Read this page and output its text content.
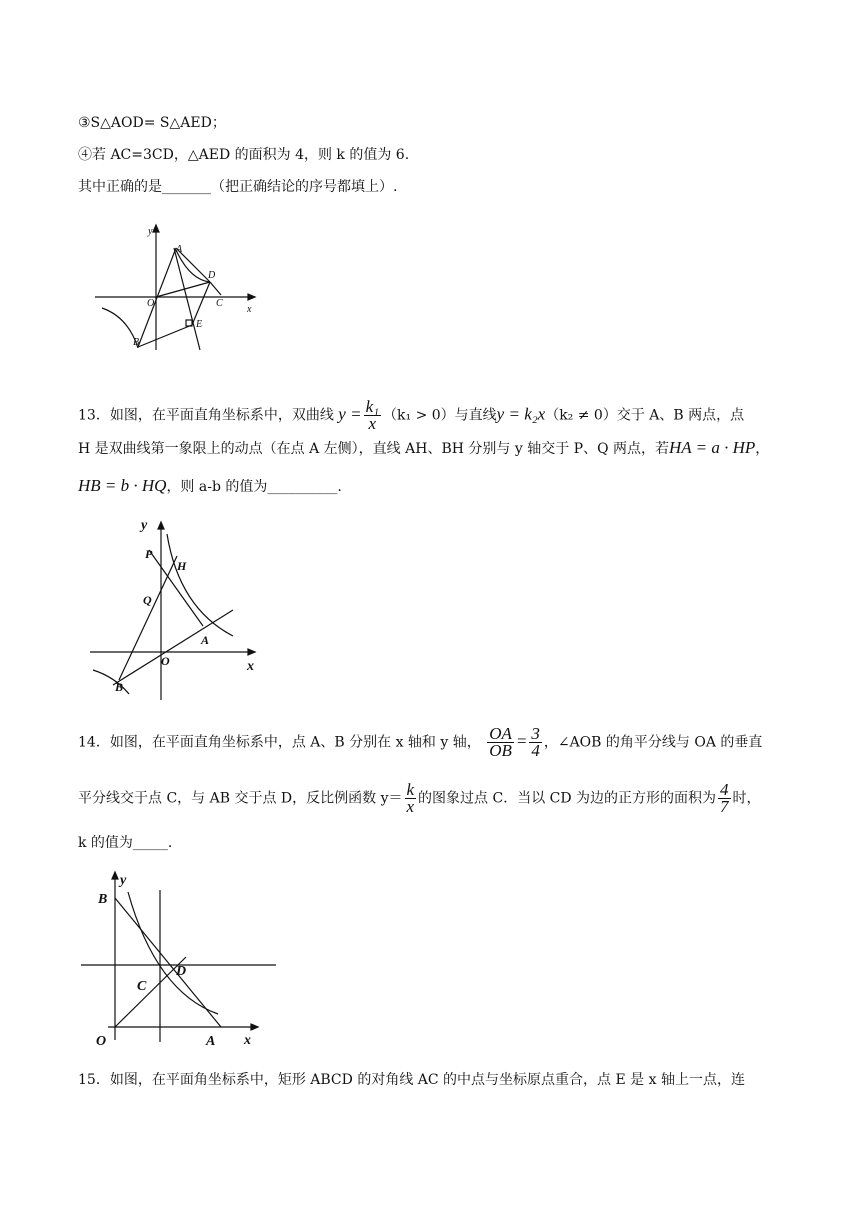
③S△AOD= S△AED；
④若 AC=3CD，△AED 的面积为 4，则 k 的值为 6.
其中正确的是_______（把正确结论的序号都填上）.
y
A
D
O	C
x
E
B
13．如图，在平面直角坐标系中，双曲线 $y = \frac{\text{k₁}}{x} (k_1 > 0)$与直线y = k₂x（k₂ ≠ 0）交于 A、B 两点，点
H 是双曲线第一象限上的动点（在点 A 左侧），直线 AH、BH 分别与 y 轴交于 P、Q 两点，若HA = a · HP，
HB = b · HQ，则 a-b 的值为__________.
y
P
H
Q
A
O	x
B
14．如图，在平面直角坐标系中，点 A、B 分别在 x 轴和 y 轴， $\frac{OA}{OB} = \frac{3}{4}$ ，∠AOB 的角平分线与 OA 的垂直
平分线交于点 C，与 AB 交于点 D，反比例函数 $y= \frac{k}{x}$ 的图象过点 C．当以 CD 为边的正方形的面积为 $\frac{4}{7}$ 时，
k 的值为_____.
B
y
D
C
O	A x
15．如图，在平面角坐标系中，矩形 ABCD 的对角线 AC 的中点与坐标原点重合，点 E 是 x 轴上一点，连
